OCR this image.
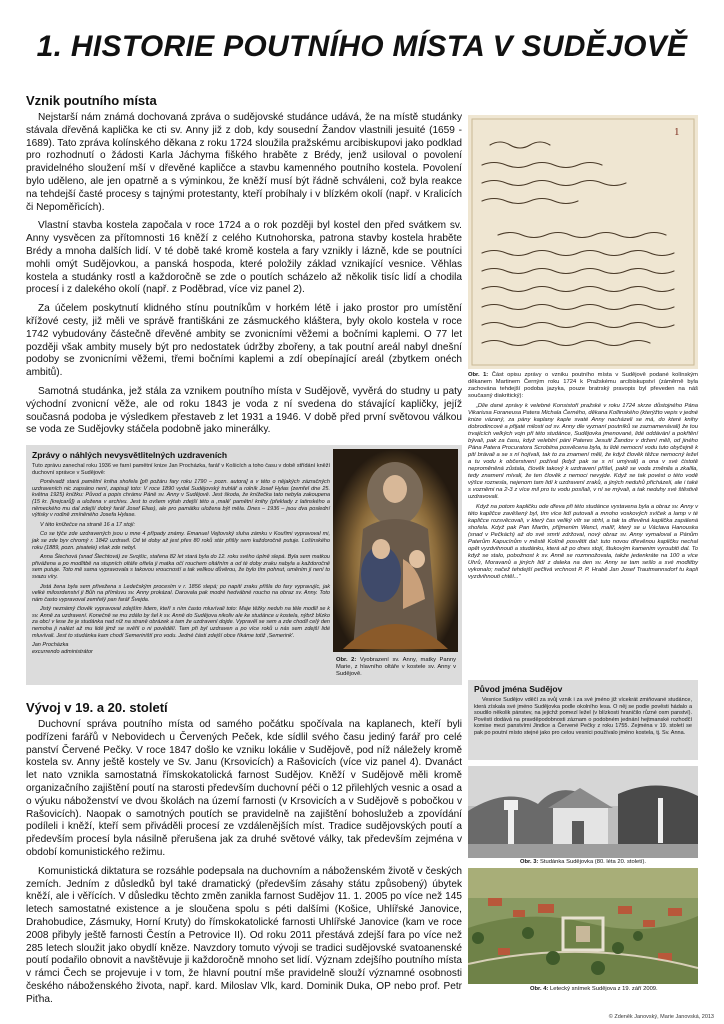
1. HISTORIE POUTNÍHO MÍSTA V SUDĚJOVĚ
Vznik poutního místa

Nejstarší nám známá dochovaná zpráva o sudějovské studánce udává, že na místě studánky stávala dřevěná kaplička ke cti sv. Anny již z dob, kdy sousední Žandov vlastnili jesuité (1659 - 1689). Tato zpráva kolínského děkana z roku 1724 sloužila pražskému arcibiskupovi jako podklad pro rozhodnutí o žádosti Karla Jáchyma fiškého hraběte z Brédy, jenž usiloval o povolení pravidelného sloužení mší v dřevěné kapličce a stavbu kamenného poutního kostela. Povolení bylo uděleno, ale jen opatrně a s výminkou, že kněží musí být řádně schváleni, což byla reakce na tehdejší časté procesy s tajnými protestanty, kteří probíhaly i v blízkém okolí (např. v Kralicích či Nepoměřicích).

Vlastní stavba kostela započala v roce 1724 a o rok později byl kostel den před svátkem sv. Anny vysvěcen za přítomnosti 16 kněží z celého Kutnohorska, patrona stavby kostela hraběte Brédy a mnoha dalších lidí. V té době také kromě kostela a fary vznikly i lázně, kde se poutníci mohli omýt Sudějovkou, a panská hospoda, které položily základ vznikající vesnice. Věhlas kostela a studánky rostl a každoročně se zde o poutích scházelo až několik tisíc lidí a chodila procesí i z dalekého okolí (např. z Poděbrad, více viz panel 2).

Za účelem poskytnutí klidného stínu poutníkům v horkém létě i jako prostor pro umístění křížové cesty, již měli ve správě františkáni ze zásmuckého kláštera, byly okolo kostela v roce 1742 vybudovány částečně dřevěné ambity se zvonicními věžemi a bočními kaplemi. O 77 let později však ambity musely být pro nedostatek údržby zbořeny, a tak poutní areál nabyl dnešní podoby se zvonicními věžemi, třemi bočními kaplemi a zdí obepínající areál (zbytkem onéch ambitů).

Samotná studánka, jež stála za vznikem poutního místa v Sudějově, vyvěrá do studny u paty východní zvonicní věže, ale od roku 1843 je voda z ní svedena do stávající kapličky, jejíž současná podoba je výsledkem přestaveb z let 1931 a 1946. V době před první světovou válkou se voda ze Sudějovky stáčela podobně jako minerálky.

1

Obr. 1: Část opisu zprávy o vzniku poutního místa v Sudějově podané kolínským děkanem Martinem Černým roku 1724 k Pražskému arcibiskupství (záměrně byla zachována tehdejší podoba jazyka, pouze bratrský pravopis byl převeden na náš současný diakritický):

„Dlie dané zprávy k velebné Konsistoři pražské v roku 1724 skrze důstojného Pána Vikariusa Foraneusa Patera Michala Černého, děkana Kollinského (kterýžto vepis v jedné knize vázaný, za pány kaplany kaple svaté Anny nacházeli se má, do které knihy dobrodincové a přijaté milosti od sv. Anny dle vyznaní poutníků se zaznamenávali) že tou trvajících velkých vojn při této studánce, Sudějovka jmenované, lidé oddávání a pokřtění bývali, pak za času, když veleblní páni Pateres Jesuiti Žandov v držení měli, od jiného Pána Patera Procuratora Scrobiina posvěcena byla, tu lidé nemocní vodu tuto obyčejně k pití brávali a se s ní hojívali, tak to za znamení měli, že když člověk těžce nemocný ležel a tu vodu k občerstvení požíval (když pak se s ní umývali) a ona v své čistotě neproměněná zůstala, člověk takový k uzdravení přišel, pakli se voda změnila a zkalila, tedy znamení mívali, že ten člověk z nemoci nevyjde. Když se tak povést o této vodě výšce roznesla, nejenom tam lidí k uzdravení zraků, a jiných neduhů přicházeli, ale i také s vozněmi na 2-3 z více mil pro tu vodu posílali, v ní se mývali, a tak neduhy své štěstivě uzdravovali.

Když na potom kapličku ode dřeva při této studánce vystavena byla a obraz sv. Anny v této kapličce zavěšený byl, tím více lidí putovali a mnoho voskových svíček a lamp v té kapličce rozsvěcovali, v který čas veliký vítr se strhl, a tak ta dřevěná kaplička zapálená shořela. Když pak Pan Martin, příjmením Wencl, malíř, který se u Václava Hanouska (snad v Pečkách) až do své smrti zdržoval, nový obraz sv. Anny vymaloval a Pánům Paterům Kapucínům v městě Kolíně posvětit dal: tuto novou dřevěnou kapličku nechal opět vyzdvihnouti a studánku, která až po dnes stojí, štukovým kamenim vyroubiti dal. To když se stalo, pobožnost k sv. Anně se rozmnožovala, takže jedenkráte na 100 a více Uhrů, Moravanů a jiných lidí z daleka na den sv. Anny se tam sešlo a své modlitby vykonalo; načež tehdejší pečlivá vrchnost P. P. Hrabě Jan Josef Trautmannsdorf tu kapli vyzdvihnouti chtěl...“

Zprávy o náhlých nevysvětlitelných uzdraveních

Tuto zprávu zanechal roku 1936 ve farní pamětní knize Jan Procházka, farář v Košicích a toho času v době střídání kněží duchovní správce v Sudějově:

Poněvadž stará pamětní kniha shořela [při požáru fary roku 1790 – pozn. autora] a v této o nějakých zázračných uzdraveních nic zapsáno není, zapisuji toto: V roce 1890 vydal Sudějovský truhlář a rolník Josef Hylas (zemřel dne 25. května 1925) knížku: Původ a popis chrámu Páně sv. Anny v Sudějově. Jest škoda, že knížečka tato nebyla zakoupena (15 kr. [krejcarů]) a uložena v archivu. Jest to ovšem výtah zdejší této a ,malé' pamětní knihy (překlady z latinského a německého mu dal zdejší dobrý farář Josef Elias), ale pro památku uložena být měla. Dnes – 1936 – jsou dva poslední výtisky v rodině zmíněného Josefa Hylase.

V této knížečce na straně 16 a 17 stojí:

Co se týče zde uzdravených jsou u mne 4 případy známy. Emanuel Vejtovský sluha zámku v Kouřimi vypravoval mi, jak se zde byv chromý r. 1842 uzdravil. Od té doby až jest přes 80 roků stár přišly sem každoročně putuje. Lošínského roku (1889, pozn. pisatele) však zde nebyl.

Anna Šlechová (snad Šlechtová) ze Svojšic, stařena 82 let stará byla do 12. roku svého úplně slepá. Byla sem matkou přivážena a po modlitbě na stupních oltáře ořtela ji matka očí rouchem oltářním a od té doby zraku nabyla a každoročně sem putuje. Toto mě sama vypravovala s takovou vroucností a tak velikou důvěrou, že bylo tím pohnut, uměním ji není to svazu víry.

Jistá žena byla sem přivežena s Ledečským procesím v r. 1856 slepá; po napití zraku přišla do fary vypravujíc, jak velké milosrdenství ji Bůh na přímluvu sv. Anny prokázal. Darovala pak modré hedvábné roucho na obraz sv. Anny. Toto nám často vypravoval zemřelý pan farář Švejda.

Jistý neznámý člověk vypravoval zdejším lidem, kteří s ním často mluvívali toto: Maje těžky neduh na těle modlil se k sv. Anně za uzdravení. Konečně se mu zdálo by šel k sv. Anně do Sudějova nikoliv ale ke studánce u kostela, nýbrž blízko za obcí v lese že je studánka nad níž na straně obrázek a tam že uzdravení dojde. Vypravěl se sem a zde chodil celý den nemoha ji nalézt až mu lidé jimž se svěřil o ni povědělí. Tam při byl uzdraven a po více roků u nás sem zdejší lidé mluvívali. Jest to studánka kam chodí Semeriniští pro vodu. Jedné části zdejší obce říkáme totiž ,Semerink'.

Jan Procházka

excurrendo administrátor

Obr. 2: Vyobrazení sv. Anny, matky Panny Marie, z hlavního oltáře v kostele sv. Anny v Sudějově.
Vývoj v 19. a 20. století

Duchovní správa poutního místa od samého počátku spočívala na kaplanech, kteří byli podřízeni farářů v Nebovidech u Červených Peček, kde sídlil svého času jediný farář pro celé panství Červené Pečky. V roce 1847 došlo ke vzniku lokálie v Sudějově, pod níž náležely kromě kostela sv. Anny ještě kostely ve Sv. Janu (Krsovicích) a Rašovicích (více viz panel 4). Dvanáct let nato vznikla samostatná římskokatolická farnost Sudějov. Kněží v Sudějově měli kromě organizačního zajištění poutí na starosti především duchovní péči o 12 přilehlých vesnic a osad a o výuku náboženství ve dvou školách na území farnosti (v Krsovicích a v Sudějově s pobočkou v Rašovicích). Naopak o samotných poutích se pravidelně na zajištění bohoslužeb a zpovídání podíleli i kněží, kteří sem přiváděli procesí ze vzdálenějších míst. Tradice sudějovských poutí a především procesí byla násilně přerušena jak za druhé světové války, tak především zejména v období komunistického režimu.

Komunistická diktatura se rozsáhle podepsala na duchovním a náboženském životě v českých zemích. Jedním z důsledků byl také dramatický (především zásahy státu způsobený) úbytek kněží, ale i věřících. V důsledku těchto změn zanikla farnost Sudějov 11. 1. 2005 po více než 145 letech samostatné existence a je sloučena spolu s péti dalšími (Košice, Uhlířské Janovice, Drahobudice, Zásmuky, Horní Kruty) do římskokatolické farnosti Uhlířské Janovice (kam ve roce 2008 přibyly ještě farnosti Čestín a Petrovice II). Od roku 2011 přestává zdejší fara po více než 285 letech sloužit jako obydlí kněze. Navzdory tomuto vývoji se tradici sudějovské svatoanenské poutí podařilo obnovit a navštěvuje ji každoročně mnoho set lidí. Význam zdejšího poutního místa v rámci Čech se projevuje i v tom, že hlavní poutní mše pravidelně slouží významné osobnosti českého náboženského života, např. kard. Miloslav Vlk, kard. Dominik Duka, OP nebo prof. Petr Piťha.

Původ jména Sudějov
Vesnice Sudějov vděčí za svůj vznik i za své jméno již vícekrát zmiňované studánce, která získala své jméno Sudějovka podle okolního lesa. O něj se podle pověsti hádalo a soudilo několik pánstev, na jejichž pomezí ležel (v blízkosti hraničilo různé osm panství). Pověsti dodává na pravděpodobnosti záznam o podobném jednání hejtmanské rozhodčí komise mezi panstvími Jindice a Červené Pečky z roku 1755. Zejména v 19. století se pak po poutní místo stejné jako pro celou vesnici používalo jméno kostela, tj. Sv. Anna.
Obr. 3: Studánka Sudějovka (80. léta 20. století).
Obr. 4: Letecký snímek Sudějova z 19. září 2009.
© Zdeněk Janovský, Marie Janovská, 2013
